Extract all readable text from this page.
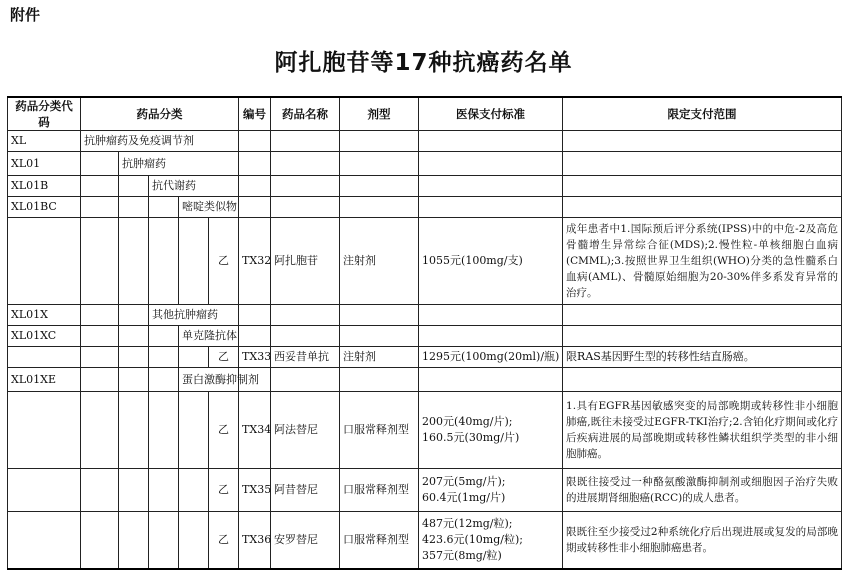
附件
阿扎胞苷等17种抗癌药名单
药品分类代码	药品分类					编号	药品名称	剂型	医保支付标准	限定支付范围
XL	抗肿瘤药及免疫调节剂									
XL01		抗肿瘤药								
XL01B			抗代谢药							
XL01BC				嘧啶类似物						
					乙	TX32	阿扎胞苷	注射剂	1055元(100mg/支)	成年患者中1.国际预后评分系统(IPSS)中的中危-2及高危骨髓增生异常综合征(MDS);2.慢性粒-单核细胞白血病(CMML);3.按照世界卫生组织(WHO)分类的急性髓系白血病(AML)、骨髓原始细胞为20-30%伴多系发育异常的治疗。
XL01X			其他抗肿瘤药							
XL01XC				单克隆抗体						
					乙	TX33	西妥昔单抗	注射剂	1295元(100mg(20ml)/瓶)	限RAS基因野生型的转移性结直肠癌。
XL01XE				蛋白激酶抑制剂						
					乙	TX34	阿法替尼	口服常释剂型	200元(40mg/片);
160.5元(30mg/片)	1.具有EGFR基因敏感突变的局部晚期或转移性非小细胞肺癌,既往未接受过EGFR-TKI治疗;2.含铂化疗期间或化疗后疾病进展的局部晚期或转移性鳞状组织学类型的非小细胞肺癌。
					乙	TX35	阿昔替尼	口服常释剂型	207元(5mg/片);
60.4元(1mg/片)	限既往接受过一种酪氨酸激酶抑制剂或细胞因子治疗失败的进展期肾细胞癌(RCC)的成人患者。
					乙	TX36	安罗替尼	口服常释剂型	487元(12mg/粒);
423.6元(10mg/粒);
357元(8mg/粒)	限既往至少接受过2种系统化疗后出现进展或复发的局部晚期或转移性非小细胞肺癌患者。
